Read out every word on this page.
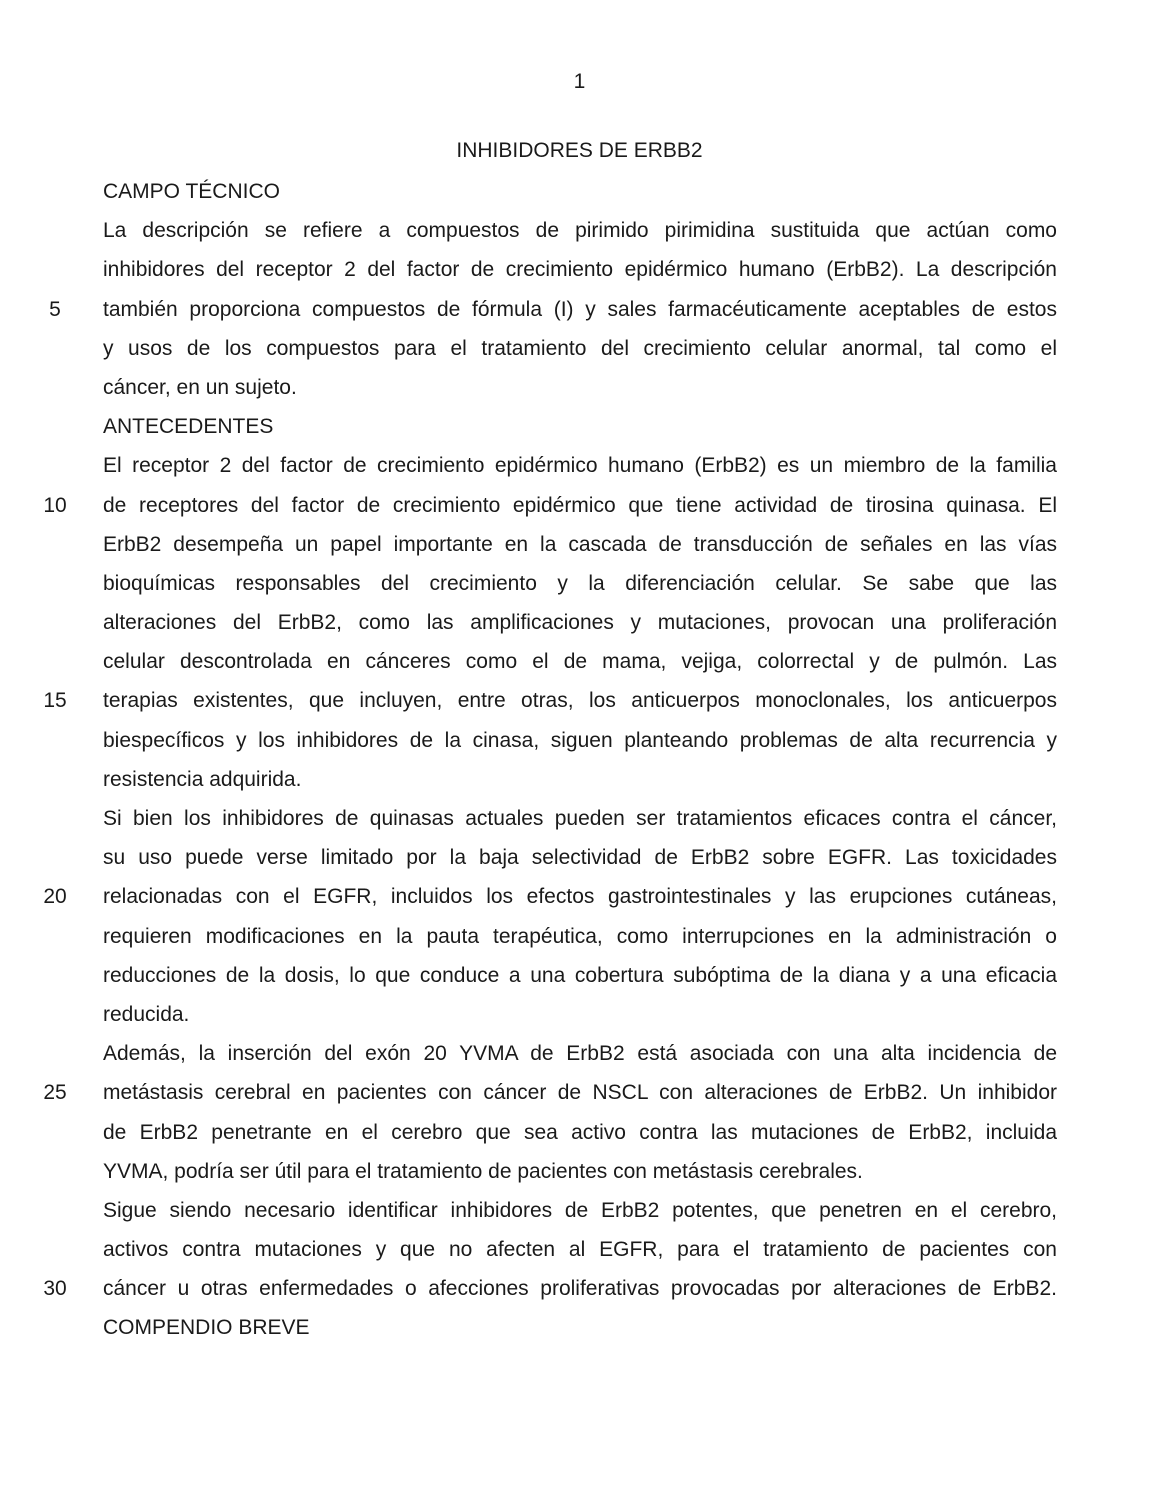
1
INHIBIDORES DE ERBB2
CAMPO TÉCNICO
La descripción se refiere a compuestos de pirimido pirimidina sustituida que actúan como
inhibidores del receptor 2 del factor de crecimiento epidérmico humano (ErbB2). La descripción
5	también proporciona compuestos de fórmula (I) y sales farmacéuticamente aceptables de estos
y usos de los compuestos para el tratamiento del crecimiento celular anormal, tal como el
cáncer, en un sujeto.
ANTECEDENTES
El receptor 2 del factor de crecimiento epidérmico humano (ErbB2) es un miembro de la familia
10 de receptores del factor de crecimiento epidérmico que tiene actividad de tirosina quinasa. El
ErbB2 desempeña un papel importante en la cascada de transducción de señales en las vías
bioquímicas responsables del crecimiento y la diferenciación celular. Se sabe que las
alteraciones del ErbB2, como las amplificaciones y mutaciones, provocan una proliferación
celular descontrolada en cánceres como el de mama, vejiga, colorrectal y de pulmón. Las
15 terapias existentes, que incluyen, entre otras, los anticuerpos monoclonales, los anticuerpos
biespecíficos y los inhibidores de la cinasa, siguen planteando problemas de alta recurrencia y
resistencia adquirida.
Si bien los inhibidores de quinasas actuales pueden ser tratamientos eficaces contra el cáncer,
su uso puede verse limitado por la baja selectividad de ErbB2 sobre EGFR. Las toxicidades
20 relacionadas con el EGFR, incluidos los efectos gastrointestinales y las erupciones cutáneas,
requieren modificaciones en la pauta terapéutica, como interrupciones en la administración o
reducciones de la dosis, lo que conduce a una cobertura subóptima de la diana y a una eficacia
reducida.
Además, la inserción del exón 20 YVMA de ErbB2 está asociada con una alta incidencia de
25 metástasis cerebral en pacientes con cáncer de NSCL con alteraciones de ErbB2. Un inhibidor
de ErbB2 penetrante en el cerebro que sea activo contra las mutaciones de ErbB2, incluida
YVMA, podría ser útil para el tratamiento de pacientes con metástasis cerebrales.
Sigue siendo necesario identificar inhibidores de ErbB2 potentes, que penetren en el cerebro,
activos contra mutaciones y que no afecten al EGFR, para el tratamiento de pacientes con
30 cáncer u otras enfermedades o afecciones proliferativas provocadas por alteraciones de ErbB2.
COMPENDIO BREVE
